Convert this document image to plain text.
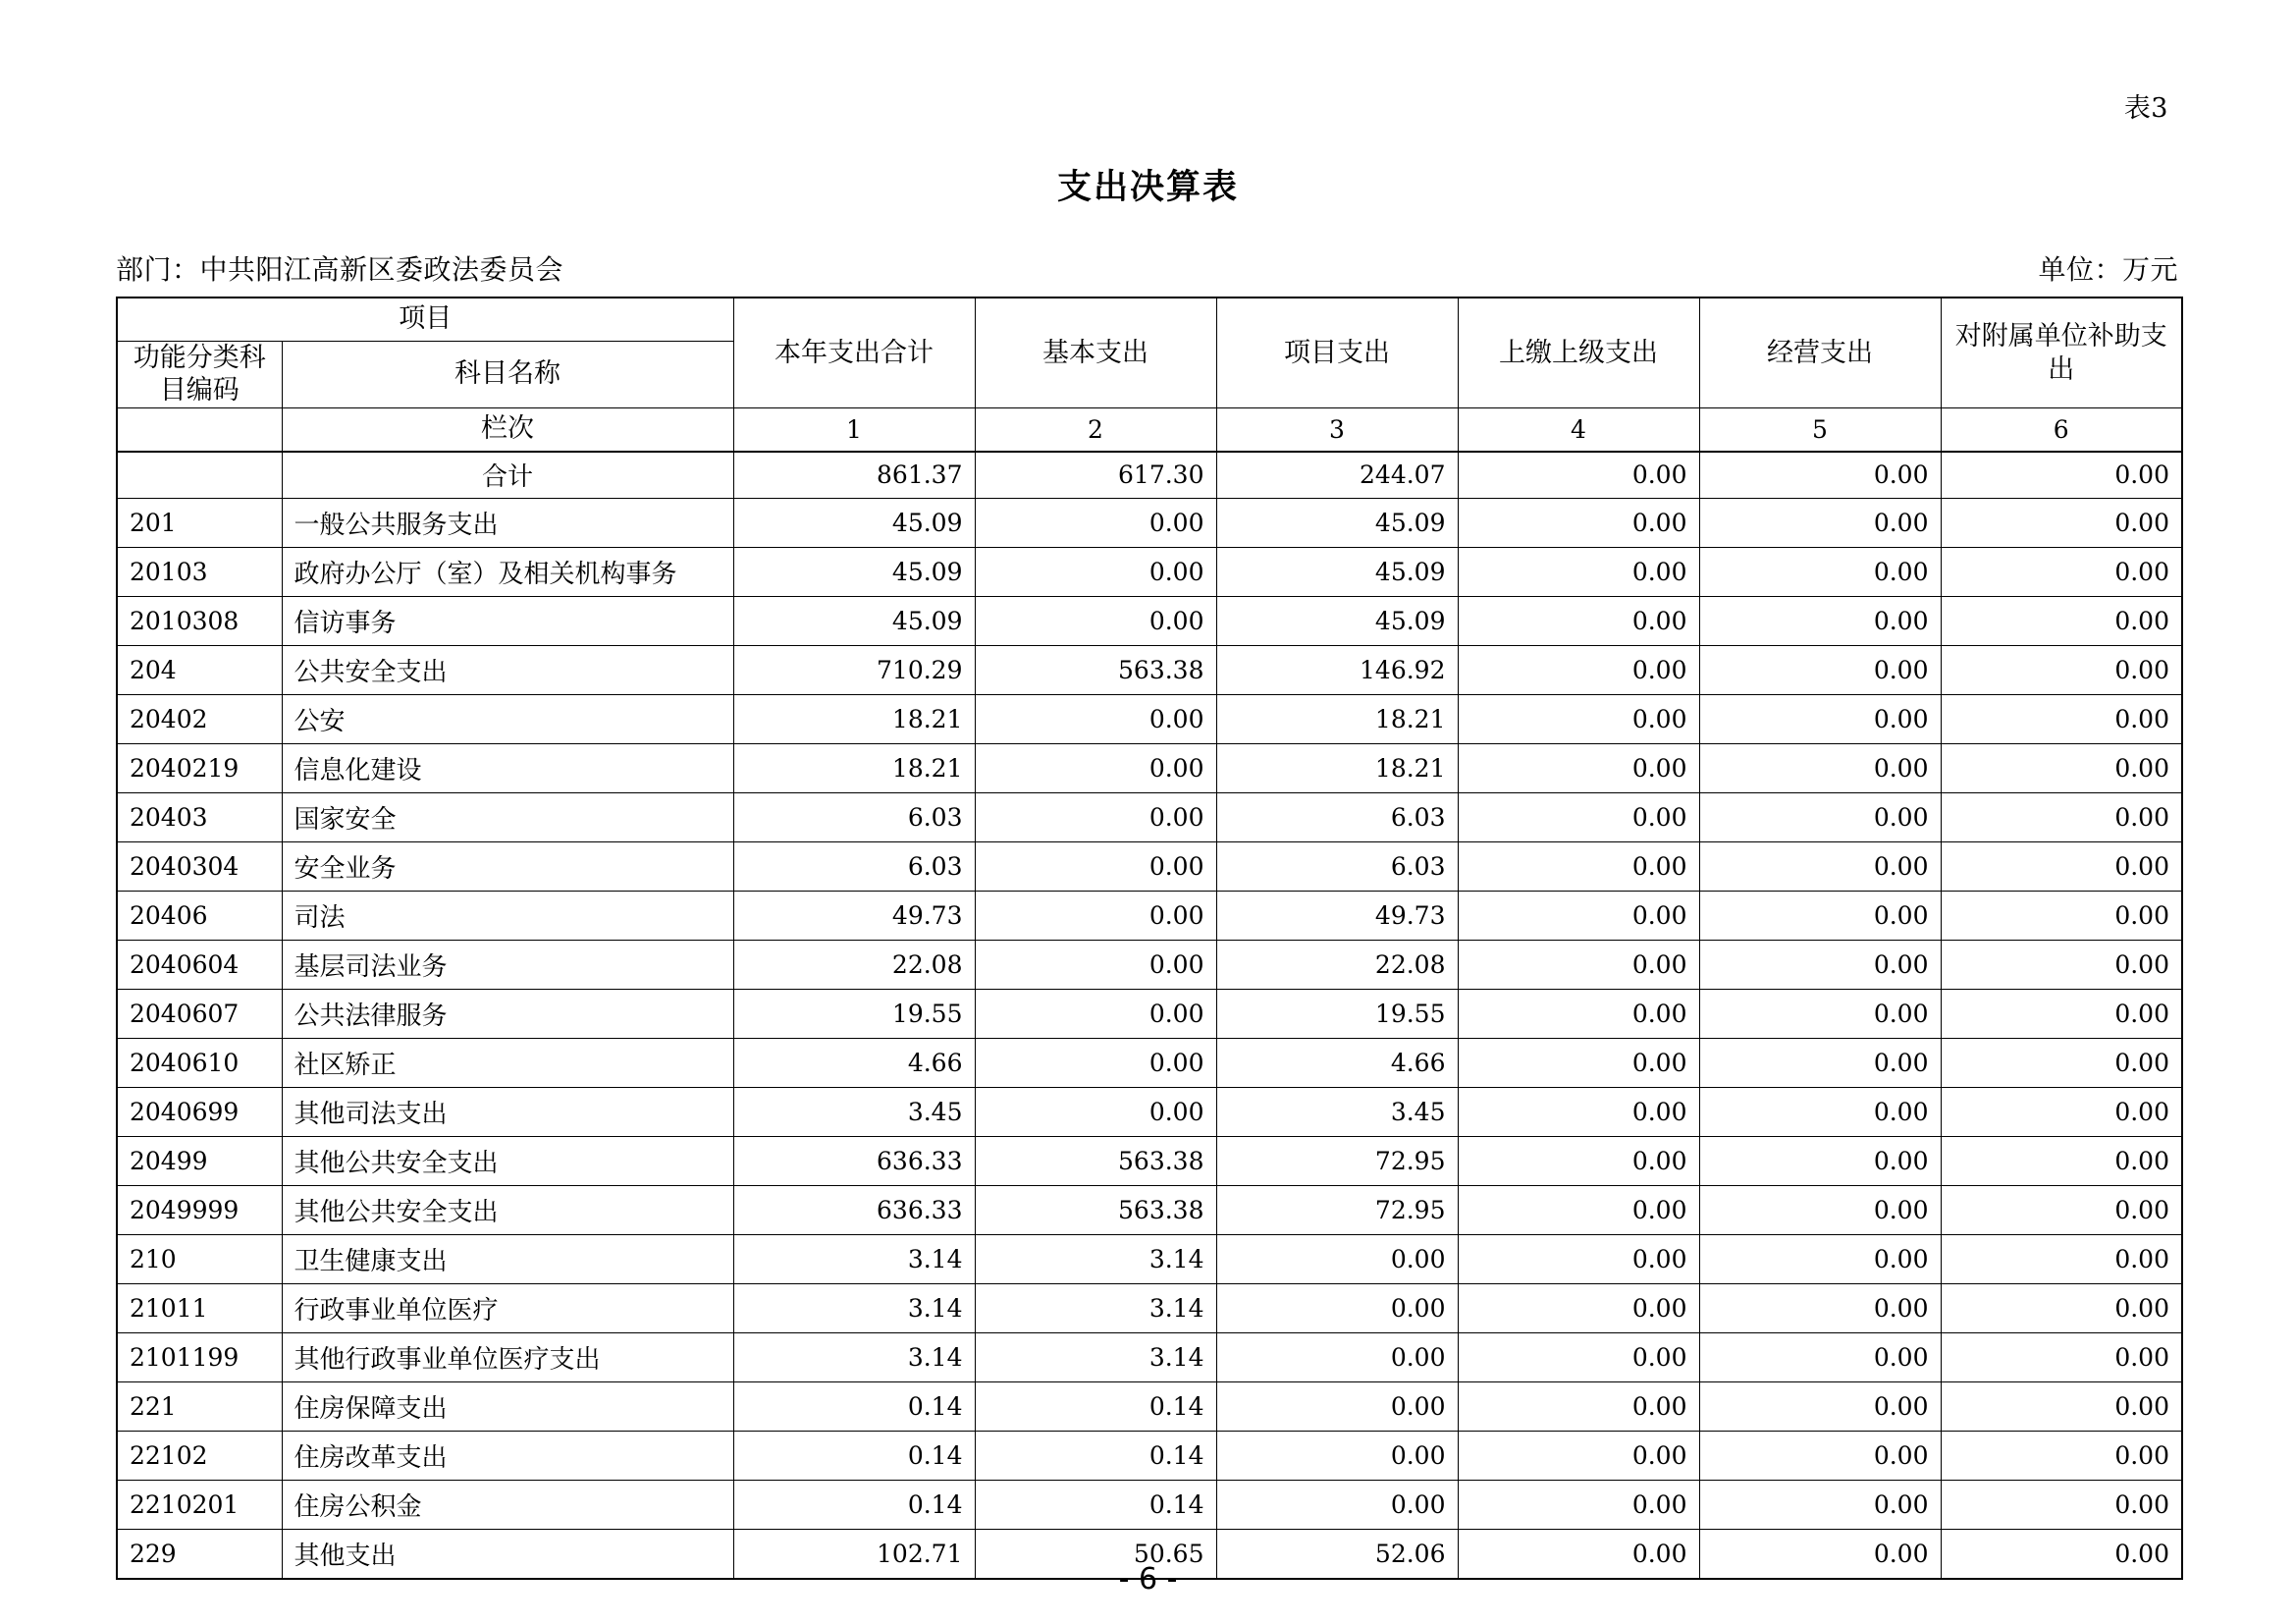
表3
支出决算表
部门：中共阳江高新区委政法委员会	单位：万元
项目		本年支出合计	基本支出	项目支出	上缴上级支出	经营支出	对附属单位补助支出
功能分类科目编码	科目名称						
	栏次	1	2	3	4	5	6
	合计	861.37	617.30	244.07	0.00	0.00	0.00
201	一般公共服务支出	45.09	0.00	45.09	0.00	0.00	0.00
20103	政府办公厅（室）及相关机构事务	45.09	0.00	45.09	0.00	0.00	0.00
2010308	信访事务	45.09	0.00	45.09	0.00	0.00	0.00
204	公共安全支出	710.29	563.38	146.92	0.00	0.00	0.00
20402	公安	18.21	0.00	18.21	0.00	0.00	0.00
2040219	信息化建设	18.21	0.00	18.21	0.00	0.00	0.00
20403	国家安全	6.03	0.00	6.03	0.00	0.00	0.00
2040304	安全业务	6.03	0.00	6.03	0.00	0.00	0.00
20406	司法	49.73	0.00	49.73	0.00	0.00	0.00
2040604	基层司法业务	22.08	0.00	22.08	0.00	0.00	0.00
2040607	公共法律服务	19.55	0.00	19.55	0.00	0.00	0.00
2040610	社区矫正	4.66	0.00	4.66	0.00	0.00	0.00
2040699	其他司法支出	3.45	0.00	3.45	0.00	0.00	0.00
20499	其他公共安全支出	636.33	563.38	72.95	0.00	0.00	0.00
2049999	其他公共安全支出	636.33	563.38	72.95	0.00	0.00	0.00
210	卫生健康支出	3.14	3.14	0.00	0.00	0.00	0.00
21011	行政事业单位医疗	3.14	3.14	0.00	0.00	0.00	0.00
2101199	其他行政事业单位医疗支出	3.14	3.14	0.00	0.00	0.00	0.00
221	住房保障支出	0.14	0.14	0.00	0.00	0.00	0.00
22102	住房改革支出	0.14	0.14	0.00	0.00	0.00	0.00
2210201	住房公积金	0.14	0.14	0.00	0.00	0.00	0.00
229	其他支出	102.71	50.65	52.06	0.00	0.00	0.00
- 6 -
